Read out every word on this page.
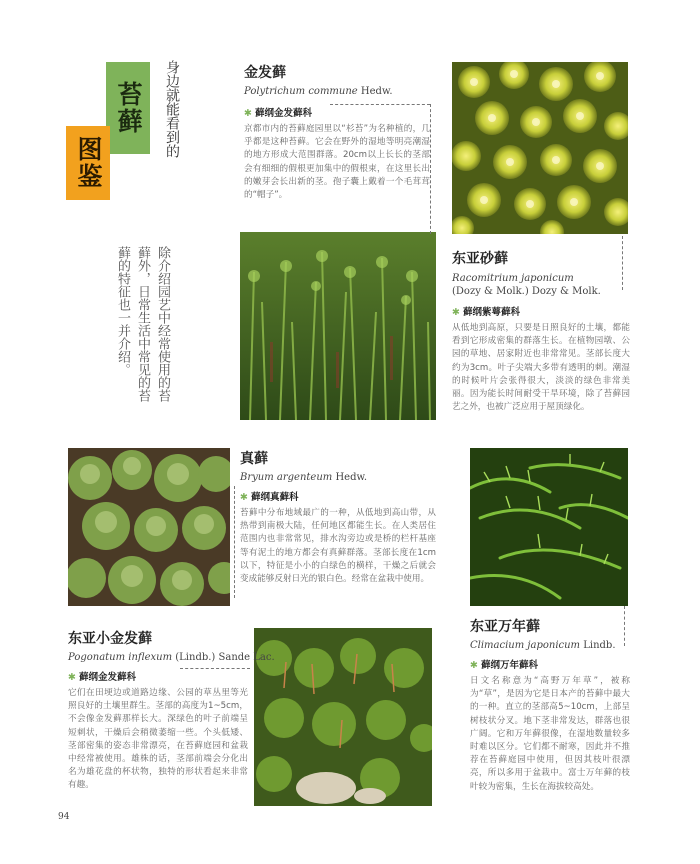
苔藓
图鉴
身边就能看到的
除介绍园艺中经常使用的苔
藓外，日常生活中常见的苔
藓的特征也一并介绍。
金发藓
Polytrichum commune Hedw.
✱ 藓纲金发藓科
京都市内的苔藓庭园里以“杉苔”为名种植的，几乎都是这种苔藓。它会在野外的湿地等明亮潮湿的地方形成大范围群落。20cm以上长长的茎部会有细细的假根更加集中的假根束，在这里长出的嫩芽会长出新的茎。孢子囊上戴着一个毛茸茸的“帽子”。
东亚砂藓
Racomitrium japonicum
(Dozy & Molk.) Dozy & Molk.
✱ 藓纲紫萼藓科
从低地到高原，只要是日照良好的土壤，都能看到它形成密集的群落生长。在植物园墩、公园的草地、居家附近也非常常见。茎部长度大约为3cm。叶子尖端大多带有透明的刺。潮湿的时候叶片会张得很大，淡淡的绿色非常美丽。因为能长时间耐受干旱环境，除了苔藓园艺之外，也被广泛应用于屋顶绿化。
真藓
Bryum argenteum Hedw.
✱ 藓纲真藓科
苔藓中分布地域最广的一种，从低地到高山带，从热带到南极大陆，任何地区都能生长。在人类居住范围内也非常常见，排水沟旁边或是桥的栏杆基座等有泥土的地方都会有真藓群落。茎部长度在1cm以下，特征是小小的白绿色的横样，干燥之后就会变成能够反射日光的银白色。经常在盆栽中使用。
东亚万年藓
Climacium japonicum Lindb.
✱ 藓纲万年藓科
日文名称意为“高野万年草”，被称为“草”，是因为它是日本产的苔藓中最大的一种。直立的茎部高5~10cm，上部呈树枝状分叉。地下茎非常发达，群落也很广阔。它和万年藓很像，在湿地数量较多时难以区分。它们都不耐寒，因此并不推荐在苔藓庭园中使用，但因其枝叶很漂亮，所以多用于盆栽中。富士万年藓的枝叶较为密集，生长在海拔较高处。
东亚小金发藓
Pogonatum inflexum (Lindb.) Sande Lac.
✱ 藓纲金发藓科
它们在田埂边或道路边缘、公园的草丛里等光照良好的土壤里群生。茎部的高度为1~5cm，不会像金发藓那样长大。深绿色的叶子前端呈短刺状，干燥后会稍微萎缩一些。个头低矮、茎部密集的姿态非常漂亮，在苔藓庭园和盆栽中经常被使用。雄株的话，茎部前端会分化出名为雄花盘的杯状物，独特的形状看起来非常有趣。
94
